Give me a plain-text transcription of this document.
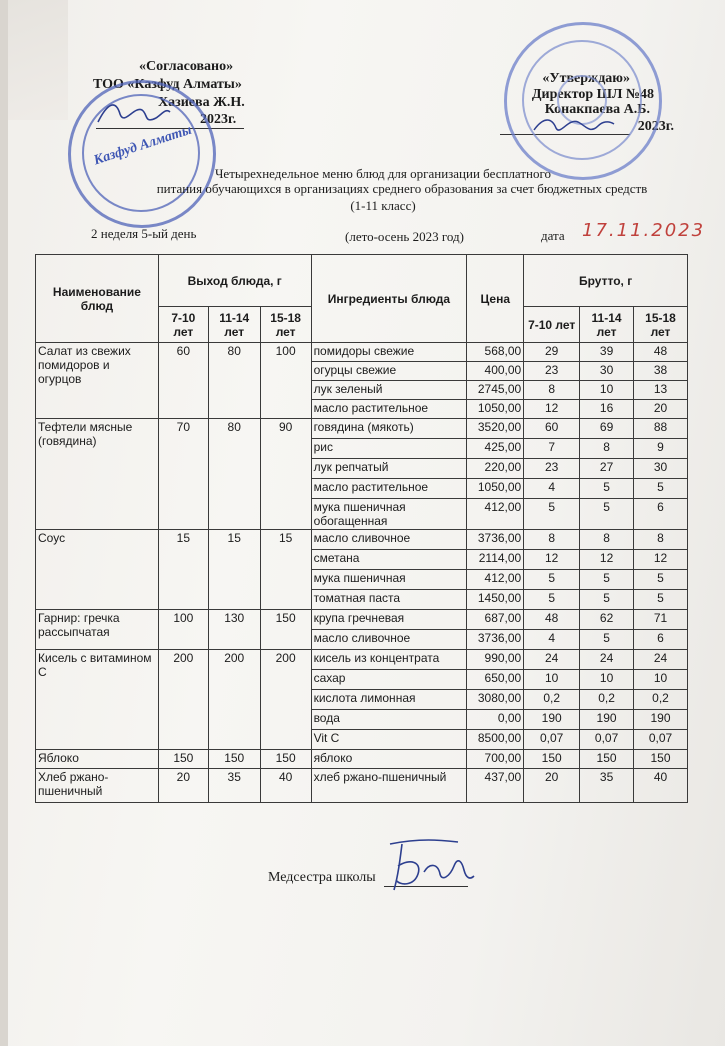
«Согласовано»
ТОО «Казфуд Алматы»
Хазиева Ж.Н.
2023г.
Казфуд Алматы
«Утверждаю»
Директор ШЛ №48
Конакпаева А.Б.
2023г.
Четырехнедельное меню блюд для организации бесплатного
питания обучающихся в организациях среднего образования за счет бюджетных средств
(1-11 класс)
2 неделя 5-ый день	(лето-осень 2023 год)	дата 17.11.2023
Наименование блюд	Выход блюда, г			Ингредиенты блюда	Цена	Брутто, г		
	7-10 лет	11-14 лет	15-18 лет			7-10 лет	11-14 лет	15-18 лет
Салат из свежих помидоров и огурцов	60	80	100	помидоры свежие	568,00	29	39	48
				огурцы свежие	400,00	23	30	38
				лук зеленый	2745,00	8	10	13
				масло растительное	1050,00	12	16	20
Тефтели мясные (говядина)	70	80	90	говядина (мякоть)	3520,00	60	69	88
				рис	425,00	7	8	9
				лук репчатый	220,00	23	27	30
				масло растительное	1050,00	4	5	5
				мука пшеничная обогащенная	412,00	5	5	6
Соус	15	15	15	масло сливочное	3736,00	8	8	8
				сметана	2114,00	12	12	12
				мука пшеничная	412,00	5	5	5
				томатная паста	1450,00	5	5	5
Гарнир: гречка рассыпчатая	100	130	150	крупа гречневая	687,00	48	62	71
				масло сливочное	3736,00	4	5	6
Кисель с витамином С	200	200	200	кисель из концентрата	990,00	24	24	24
				сахар	650,00	10	10	10
				кислота лимонная	3080,00	0,2	0,2	0,2
				вода	0,00	190	190	190
				Vit C	8500,00	0,07	0,07	0,07
Яблоко	150	150	150	яблоко	700,00	150	150	150
Хлеб ржано-пшеничный	20	35	40	хлеб ржано-пшеничный	437,00	20	35	40
Медсестра школы
